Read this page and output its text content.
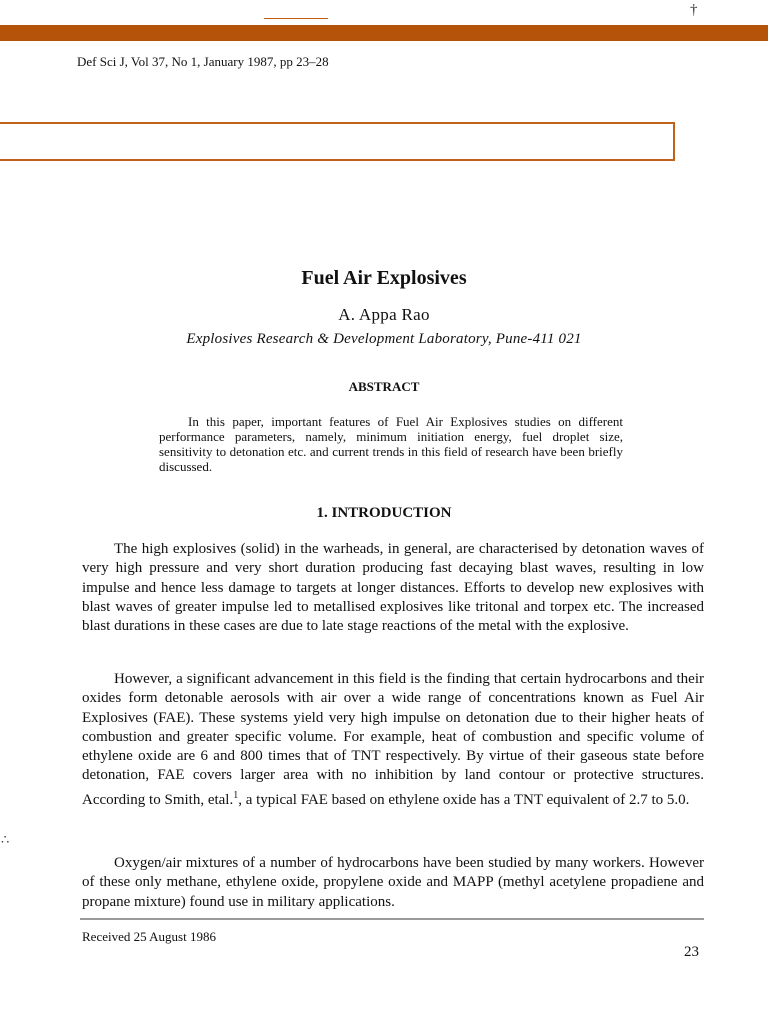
†
Def Sci J, Vol 37, No 1, January 1987, pp 23–28
Fuel Air Explosives
A. Appa Rao
Explosives Research & Development Laboratory, Pune-411 021
ABSTRACT

In this paper, important features of Fuel Air Explosives studies on different performance parameters, namely, minimum initiation energy, fuel droplet size, sensitivity to detonation etc. and current trends in this field of research have been briefly discussed.

1. INTRODUCTION

The high explosives (solid) in the warheads, in general, are characterised by detonation waves of very high pressure and very short duration producing fast decaying blast waves, resulting in low impulse and hence less damage to targets at longer distances. Efforts to develop new explosives with blast waves of greater impulse led to metallised explosives like tritonal and torpex etc. The increased blast durations in these cases are due to late stage reactions of the metal with the explosive.

However, a significant advancement in this field is the finding that certain hydrocarbons and their oxides form detonable aerosols with air over a wide range of concentrations known as Fuel Air Explosives (FAE). These systems yield very high impulse on detonation due to their higher heats of combustion and greater specific volume. For example, heat of combustion and specific volume of ethylene oxide are 6 and 800 times that of TNT respectively. By virtue of their gaseous state before detonation, FAE covers larger area with no inhibition by land contour or protective structures. According to Smith, etal.$^1$, a typical FAE based on ethylene oxide has a TNT equivalent of 2.7 to 5.0.

∴

Oxygen/air mixtures of a number of hydrocarbons have been studied by many workers. However of these only methane, ethylene oxide, propylene oxide and MAPP (methyl acetylene propadiene and propane mixture) found use in military applications.

Received 25 August 1986
23
